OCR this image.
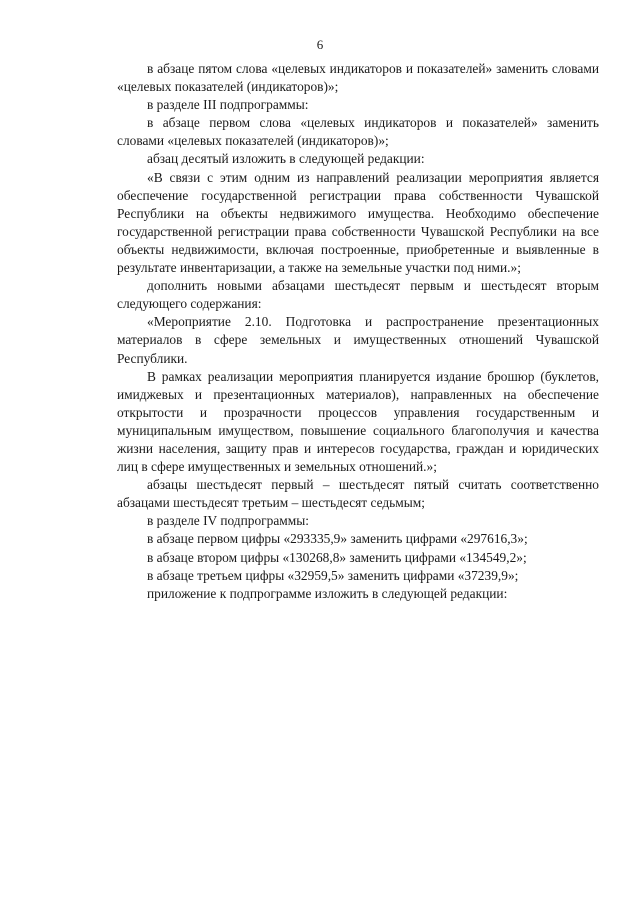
6

в абзаце пятом слова «целевых индикаторов и показателей» заменить словами «целевых показателей (индикаторов)»;

в разделе III подпрограммы:

в абзаце первом слова «целевых индикаторов и показателей» заменить словами «целевых показателей (индикаторов)»;

абзац десятый изложить в следующей редакции:

«В связи с этим одним из направлений реализации мероприятия является обеспечение государственной регистрации права собственности Чувашской Республики на объекты недвижимого имущества. Необходимо обеспечение государственной регистрации права собственности Чувашской Республики на все объекты недвижимости, включая построенные, приобретенные и выявленные в результате инвентаризации, а также на земельные участки под ними.»;

дополнить новыми абзацами шестьдесят первым и шестьдесят вторым следующего содержания:

«Мероприятие 2.10. Подготовка и распространение презентационных материалов в сфере земельных и имущественных отношений Чувашской Республики.

В рамках реализации мероприятия планируется издание брошюр (буклетов, имиджевых и презентационных материалов), направленных на обеспечение открытости и прозрачности процессов управления государственным и муниципальным имуществом, повышение социального благополучия и качества жизни населения, защиту прав и интересов государства, граждан и юридических лиц в сфере имущественных и земельных отношений.»;

абзацы шестьдесят первый – шестьдесят пятый считать соответственно абзацами шестьдесят третьим – шестьдесят седьмым;

в разделе IV подпрограммы:

в абзаце первом цифры «293335,9» заменить цифрами «297616,3»;

в абзаце втором цифры «130268,8» заменить цифрами «134549,2»;

в абзаце третьем цифры «32959,5» заменить цифрами «37239,9»;

приложение к подпрограмме изложить в следующей редакции:
